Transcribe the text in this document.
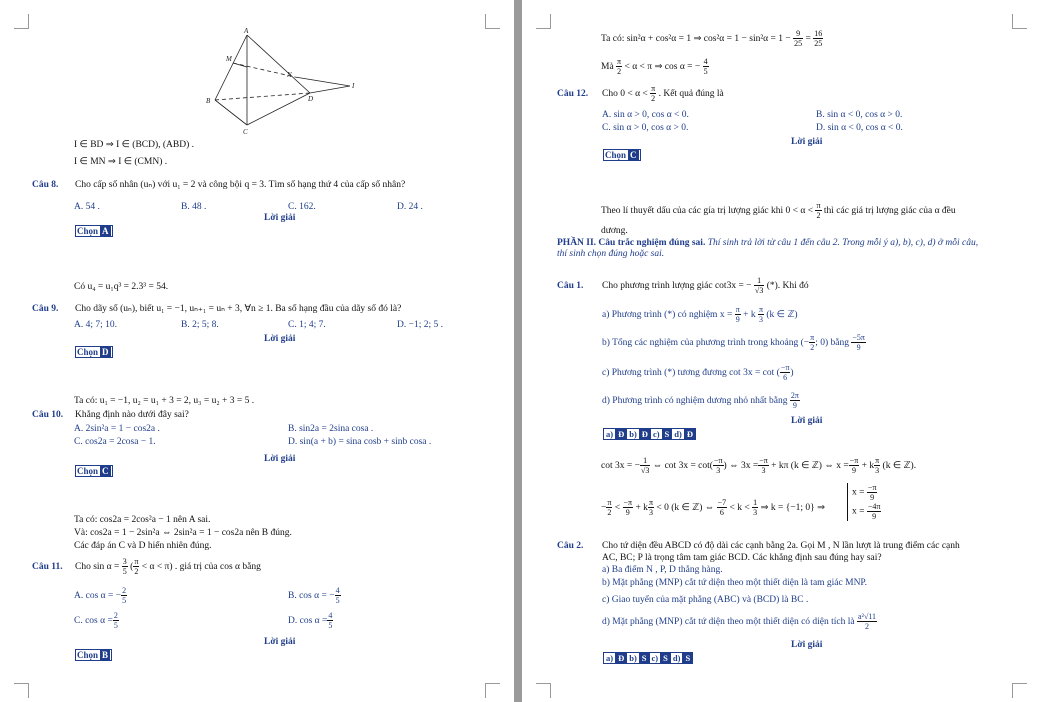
A
M
N
I
B	D
C
I ∈ BD ⇒ I ∈ (BCD), (ABD) .
I ∈ MN ⇒ I ∈ (CMN) .
Câu 8. Cho cấp số nhân (uₙ) với u₁ = 2 và công bội q = 3. Tìm số hạng thứ 4 của cấp số nhân?
A. 54 .	B. 48 .	C. 162.	D. 24 .
Lời giải
Chọn A
Có u₄ = u₁q³ = 2.3³ = 54.
Câu 9. Cho dãy số (uₙ), biết u₁ = −1, uₙ₊₁ = uₙ + 3, ∀n ≥ 1. Ba số hạng đầu của dãy số đó là?
A. 4; 7; 10.	B. 2; 5; 8.	C. 1; 4; 7.	D. −1; 2; 5 .
Lời giải
Chọn D
Ta có: u₁ = −1, u₂ = u₁ + 3 = 2, u₃ = u₂ + 3 = 5 .
Câu 10. Khẳng định nào dưới đây sai?
A. 2sin²a = 1 − cos2a .	B. sin2a = 2sina cosa .
C. cos2a = 2cosa − 1.	D. sin(a + b) = sina cosb + sinb cosa .
Lời giải
Chọn C
Ta có: cos2a = 2cos²a − 1 nên A sai.
Và: cos2a = 1 − 2sin²a ⇔ 2sin²a = 1 − cos2a nên B đúng.
Các đáp án C và D hiển nhiên đúng.
Câu 11. Cho $\sin \alpha = \frac{3}{5}$ ( $\frac{\pi}{2} < \alpha < \pi$) . giá trị của cos α bằng
A. cos α = − $\frac{2}{5}$	B. cos α = − $\frac{4}{5}$
C. $\cos \alpha = \frac{2}{5}$	D. $\cos \alpha = \frac{4}{5}$
Lời giải
Chọn B
Ta có: sin²α + cos²α = 1 ⇒ $\cos^2\alpha = 1 - \sin^2\alpha = 1 - \frac{9}{25} = \frac{16}{25}$
Mà $\frac{\pi}{2} < \alpha < \pi$ ⇒ cos α = − $\frac{4}{5}$
Câu 12. Cho $0 < \alpha < \frac{\pi}{2}$ . Kết quả đúng là
A. sin α > 0, cos α < 0.	B. sin α < 0, cos α > 0.
C. sin α > 0, cos α > 0.	D. sin α < 0, cos α < 0.
Lời giải
Chọn C
Theo lí thuyết dấu của các gía trị lượng giác khi $0 < \alpha < \frac{\pi}{2}$ thì các giá trị lượng giác của α đều
dương.
PHẦN II. Câu trắc nghiệm đúng sai. Thí sinh trả lời từ câu 1 đến câu 2. Trong mỗi ý a), b), c), d) ở mỗi câu,
thí sinh chọn đúng hoặc sai.
Câu 1. Cho phương trình lượng giác cot3x = − $\frac{1}{√3}$ (*). Khi đó
a) Phương trình (*) có nghiệm $x = \frac{\pi}{9} + k \frac{\pi}{3} (k$ ∈ ℤ)
b) Tổng các nghiệm của phương trình trong khoảng (− $\frac{\pi}{2}$ ; 0) bằng $\frac{-5\pi}{9}$
c) Phương trình (*) tương đương cot 3x = cot ( $\frac{-\pi}{6}$ )
d) Phương trình có nghiệm dương nhỏ nhất bằng $\frac{2\pi}{9}$
Lời giải
a) Đ b) Đ c) S d) Đ
cot 3x = − $\frac{1}{√3}$ ⇔ $\cot 3x = \cot( \frac{-\pi}{3}$ ) ⇔ $3x = \frac{-\pi}{3} + k\pi$ (k ∈ ℤ) ⇔ $x = \frac{-\pi}{9} + k \frac{\pi}{3} (k$ ∈ ℤ).
− $\frac{\pi}{2} < \frac{-\pi}{9} + k \frac{\pi}{3} < 0$ (k ∈ ℤ) ⇔ $\frac{-7}{6} < k < \frac{1}{3}$ ⇒ k = {−1; 0} ⇒
$x = \frac{-\pi}{9}$
$x = \frac{-4\pi}{9}$
Câu 2. Cho tứ diện đều ABCD có độ dài các cạnh bằng 2a. Gọi M , N lần lượt là trung điểm các cạnh
AC, BC; P là trọng tâm tam giác BCD. Các khẳng định sau đúng hay sai?
a) Ba điểm N , P, D thẳng hàng.
b) Mặt phẳng (MNP) cắt tứ diện theo một thiết diện là tam giác MNP.
c) Giao tuyến của mặt phẳng (ABC) và (BCD) là BC .
d) Mặt phẳng (MNP) cắt tứ diện theo một thiết diện có diện tích là $\frac{\text{a²√11}}{2}$
Lời giải
a) Đ b) S c) S d) S
